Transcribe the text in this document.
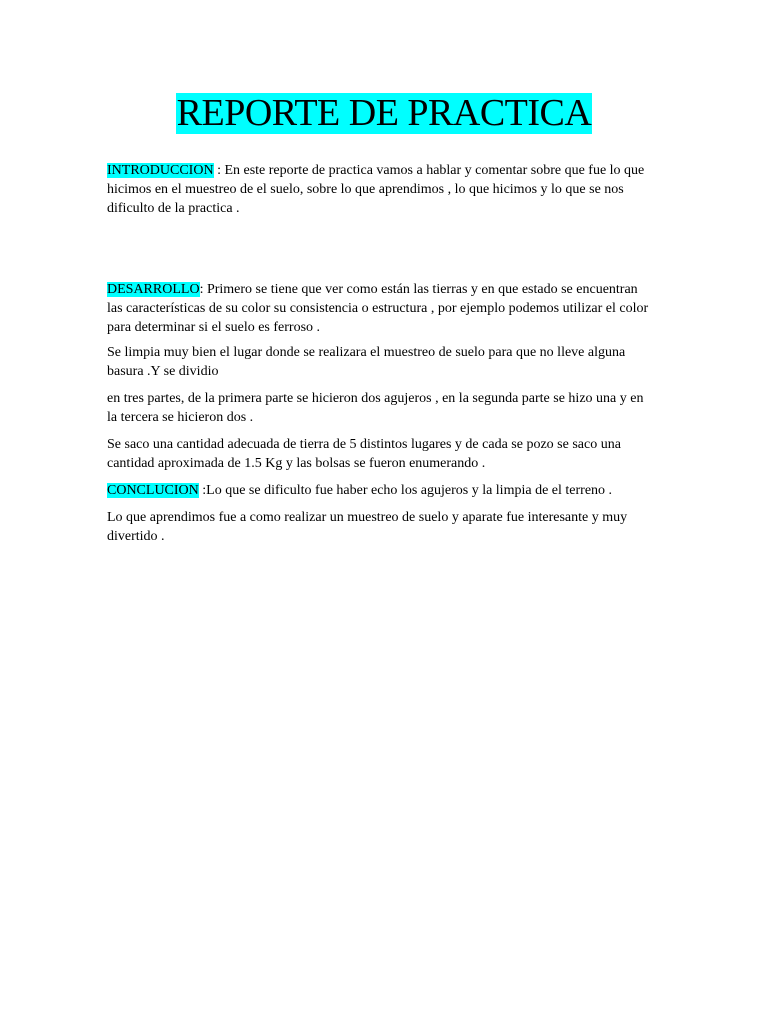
REPORTE DE PRACTICA

INTRODUCCION : En este reporte de practica vamos a hablar y comentar sobre que fue lo que hicimos en el muestreo de el suelo, sobre lo que aprendimos , lo que hicimos y lo que se nos dificulto de la practica .

DESARROLLO: Primero se tiene que ver como están las tierras y en que estado se encuentran las características de su color su consistencia o estructura , por ejemplo podemos utilizar el color para determinar si el suelo es ferroso .

Se limpia muy bien el lugar donde se realizara el muestreo de suelo para que no lleve alguna basura .Y se dividio

en tres partes, de la primera parte se hicieron dos agujeros , en la segunda parte se hizo una y en la tercera se hicieron dos .

Se saco una cantidad adecuada de tierra de 5 distintos lugares y de cada se pozo se saco una cantidad aproximada de 1.5 Kg y las bolsas se fueron enumerando .

CONCLUCION :Lo que se dificulto fue haber echo los agujeros y la limpia de el terreno .

Lo que aprendimos fue a como realizar un muestreo de suelo y aparate fue interesante y muy divertido .
